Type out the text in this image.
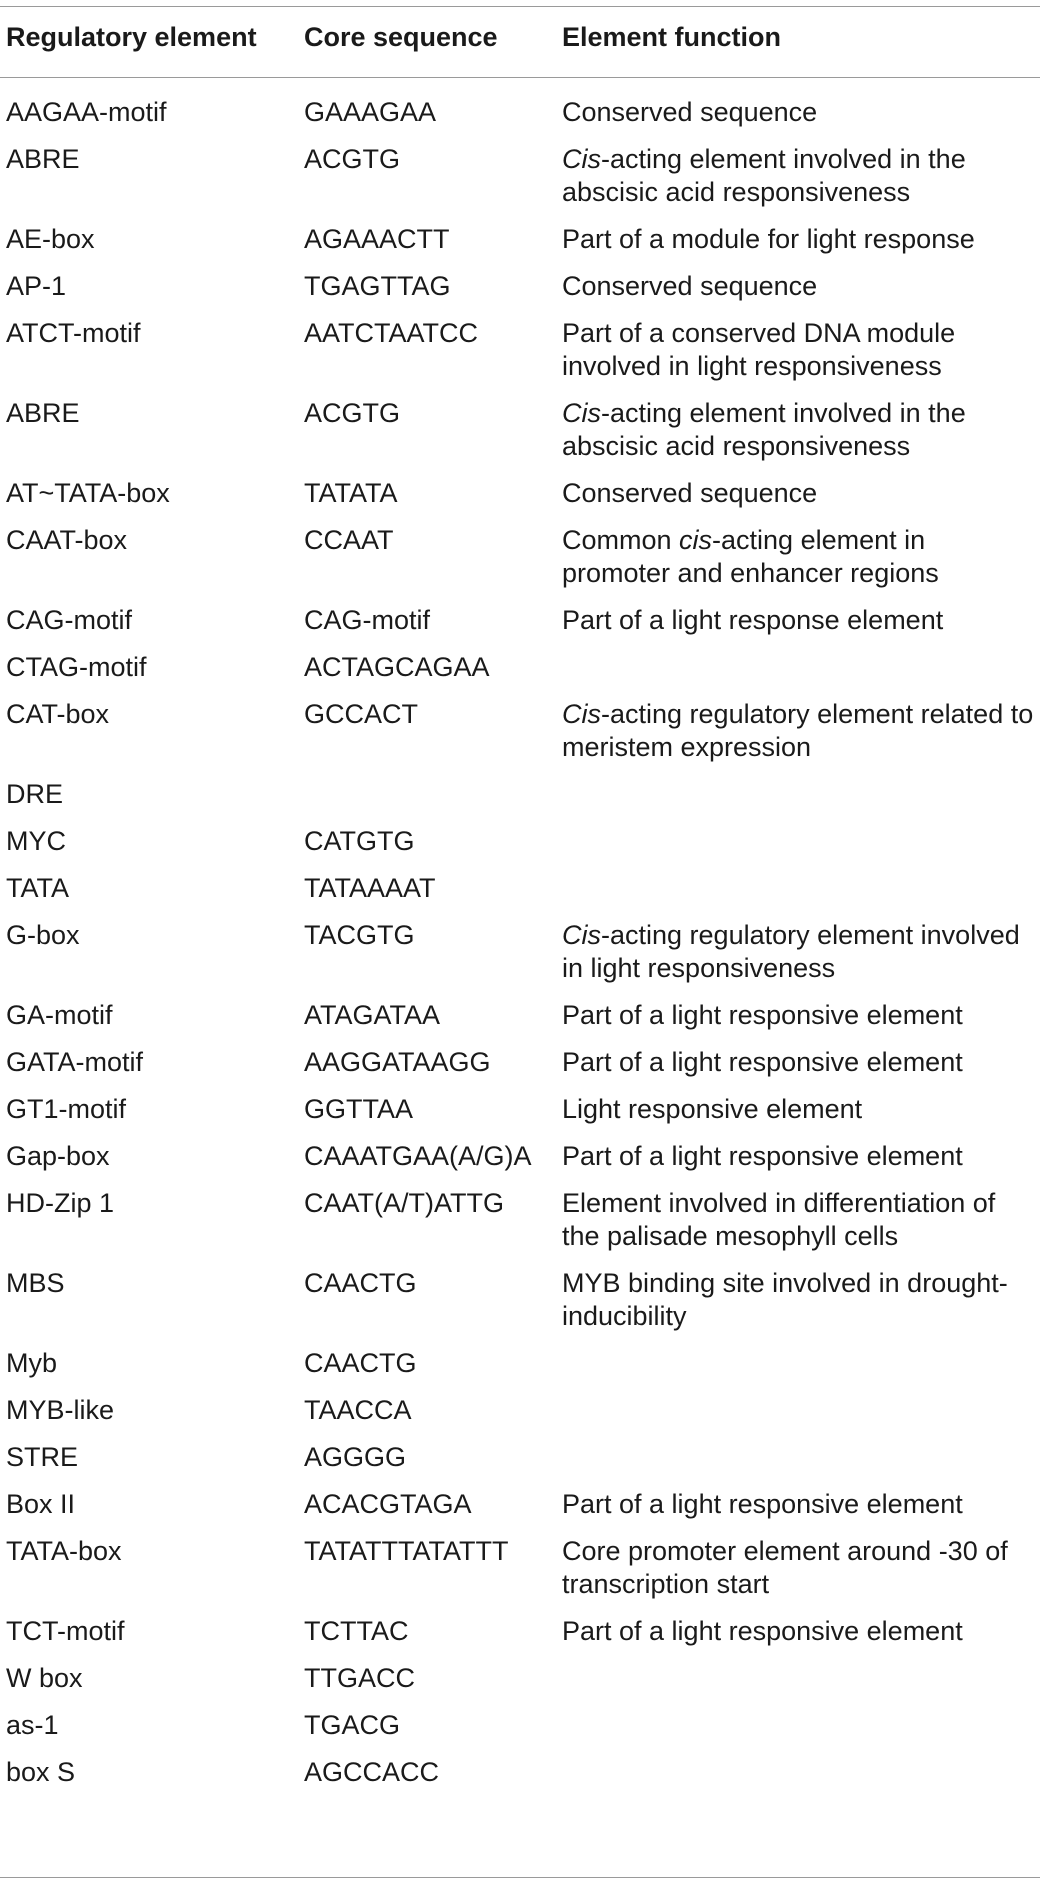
Regulatory element Core sequence Element function
AAGAA-motif	GAAAGAA	Conserved sequence
ABRE	ACGTG	Cis-acting element involved in the abscisic acid responsiveness
AE-box	AGAAACTT	Part of a module for light response
AP-1	TGAGTTAG	Conserved sequence
ATCT-motif	AATCTAATCC	Part of a conserved DNA module involved in light responsiveness
ABRE	ACGTG	Cis-acting element involved in the abscisic acid responsiveness
AT~TATA-box	TATATA	Conserved sequence
CAAT-box	CCAAT	Common cis-acting element in promoter and enhancer regions
CAG-motif	CAG-motif	Part of a light response element
CTAG-motif	ACTAGCAGAA
CAT-box	GCCACT	Cis-acting regulatory element related to meristem expression
DRE
MYC	CATGTG
TATA	TATAAAAT
G-box	TACGTG	Cis-acting regulatory element involved in light responsiveness
GA-motif	ATAGATAA	Part of a light responsive element
GATA-motif	AAGGATAAGG	Part of a light responsive element
GT1-motif	GGTTAA	Light responsive element
Gap-box	CAAATGAA(A/G)A Part of a light responsive element
HD-Zip 1	CAAT(A/T)ATTG Element involved in differentiation of the palisade mesophyll cells
MBS	CAACTG	MYB binding site involved in drought-inducibility
Myb	CAACTG
MYB-like	TAACCA
STRE	AGGGG
Box II	ACACGTAGA	Part of a light responsive element
TATA-box	TATATTTATATTT Core promoter element around -30 of transcription start
TCT-motif	TCTTAC	Part of a light responsive element
W box	TTGACC
as-1	TGACG
box S	AGCCACC
